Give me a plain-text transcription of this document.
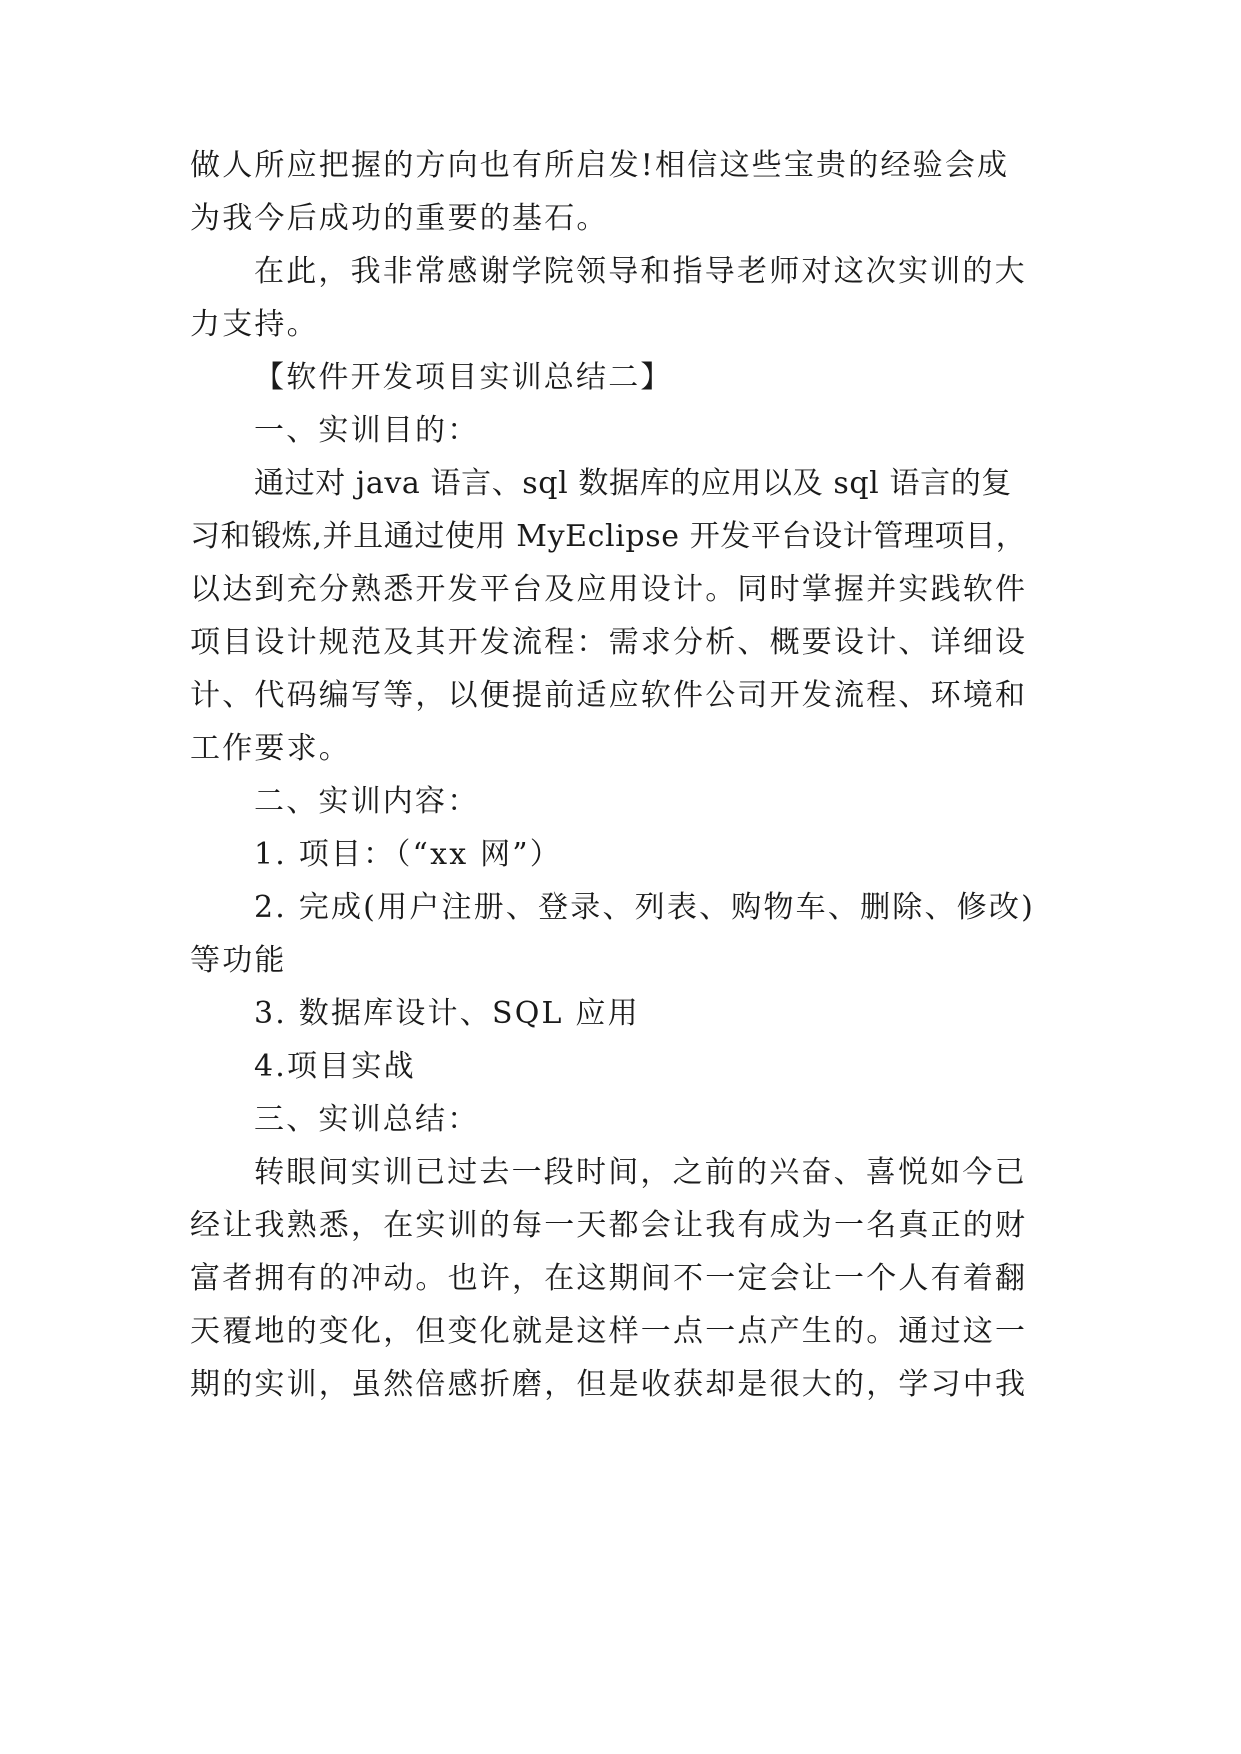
做人所应把握的方向也有所启发!相信这些宝贵的经验会成

为我今后成功的重要的基石。

在此，我非常感谢学院领导和指导老师对这次实训的大

力支持。

【软件开发项目实训总结二】

一、实训目的：

通过对 java 语言、sql 数据库的应用以及 sql 语言的复

习和锻炼,并且通过使用 MyEclipse 开发平台设计管理项目，

以达到充分熟悉开发平台及应用设计。同时掌握并实践软件

项目设计规范及其开发流程：需求分析、概要设计、详细设

计、代码编写等，以便提前适应软件公司开发流程、环境和

工作要求。

二、实训内容：

1. 项目：（“xx 网”）

2. 完成(用户注册、登录、列表、购物车、删除、修改)

等功能

3. 数据库设计、SQL 应用

4.项目实战

三、实训总结：

转眼间实训已过去一段时间，之前的兴奋、喜悦如今已

经让我熟悉，在实训的每一天都会让我有成为一名真正的财

富者拥有的冲动。也许，在这期间不一定会让一个人有着翻

天覆地的变化，但变化就是这样一点一点产生的。通过这一

期的实训，虽然倍感折磨，但是收获却是很大的，学习中我
